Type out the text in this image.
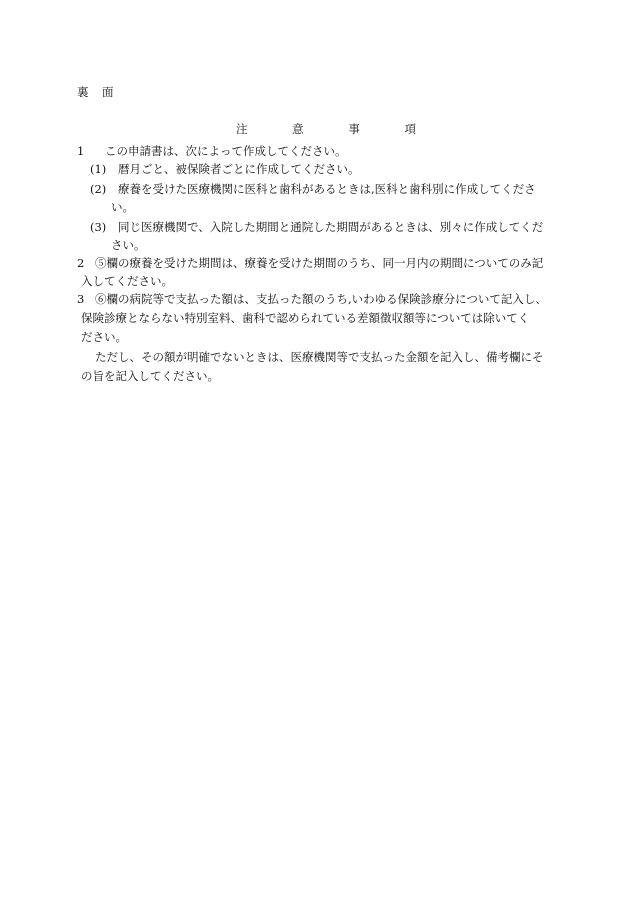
裏　面
注	意	事	項
1 この申請書は、次によって作成してください。
(1) 暦月ごと、被保険者ごとに作成してください。
(2) 療養を受けた医療機関に医科と歯科があるときは,医科と歯科別に作成してくださ
い。
(3) 同じ医療機関で、入院した期間と通院した期間があるときは、別々に作成してくだ
さい。
2 ⑤欄の療養を受けた期間は、療養を受けた期間のうち、同一月内の期間についてのみ記
入してください。
3 ⑥欄の病院等で支払った額は、支払った額のうち,いわゆる保険診療分について記入し、
保険診療とならない特別室料、歯科で認められている差額徴収額等については除いてく
ださい。
ただし、その額が明確でないときは、医療機関等で支払った金額を記入し、備考欄にそ
の旨を記入してください。
